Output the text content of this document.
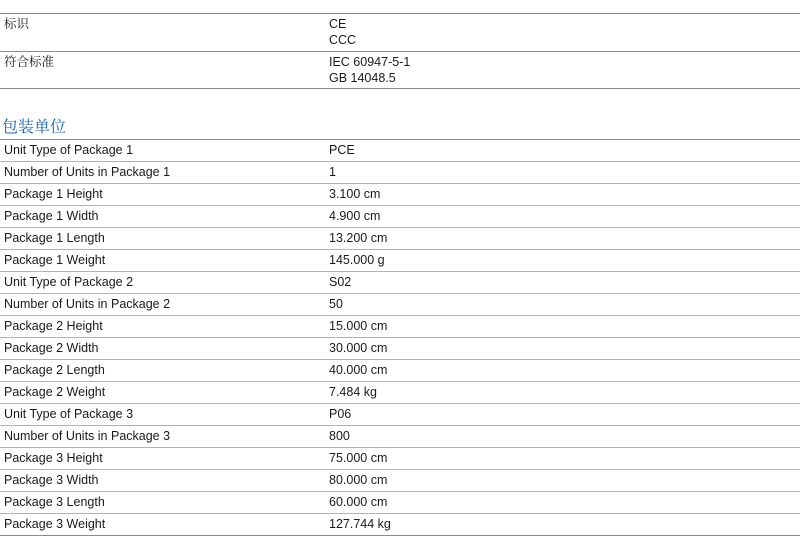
标识	CE
CCC
符合标准	IEC 60947-5-1
GB 14048.5
包装单位
Unit Type of Package 1	PCE
Number of Units in Package 1	1
Package 1 Height	3.100 cm
Package 1 Width	4.900 cm
Package 1 Length	13.200 cm
Package 1 Weight	145.000 g
Unit Type of Package 2	S02
Number of Units in Package 2	50
Package 2 Height	15.000 cm
Package 2 Width	30.000 cm
Package 2 Length	40.000 cm
Package 2 Weight	7.484 kg
Unit Type of Package 3	P06
Number of Units in Package 3	800
Package 3 Height	75.000 cm
Package 3 Width	80.000 cm
Package 3 Length	60.000 cm
Package 3 Weight	127.744 kg
